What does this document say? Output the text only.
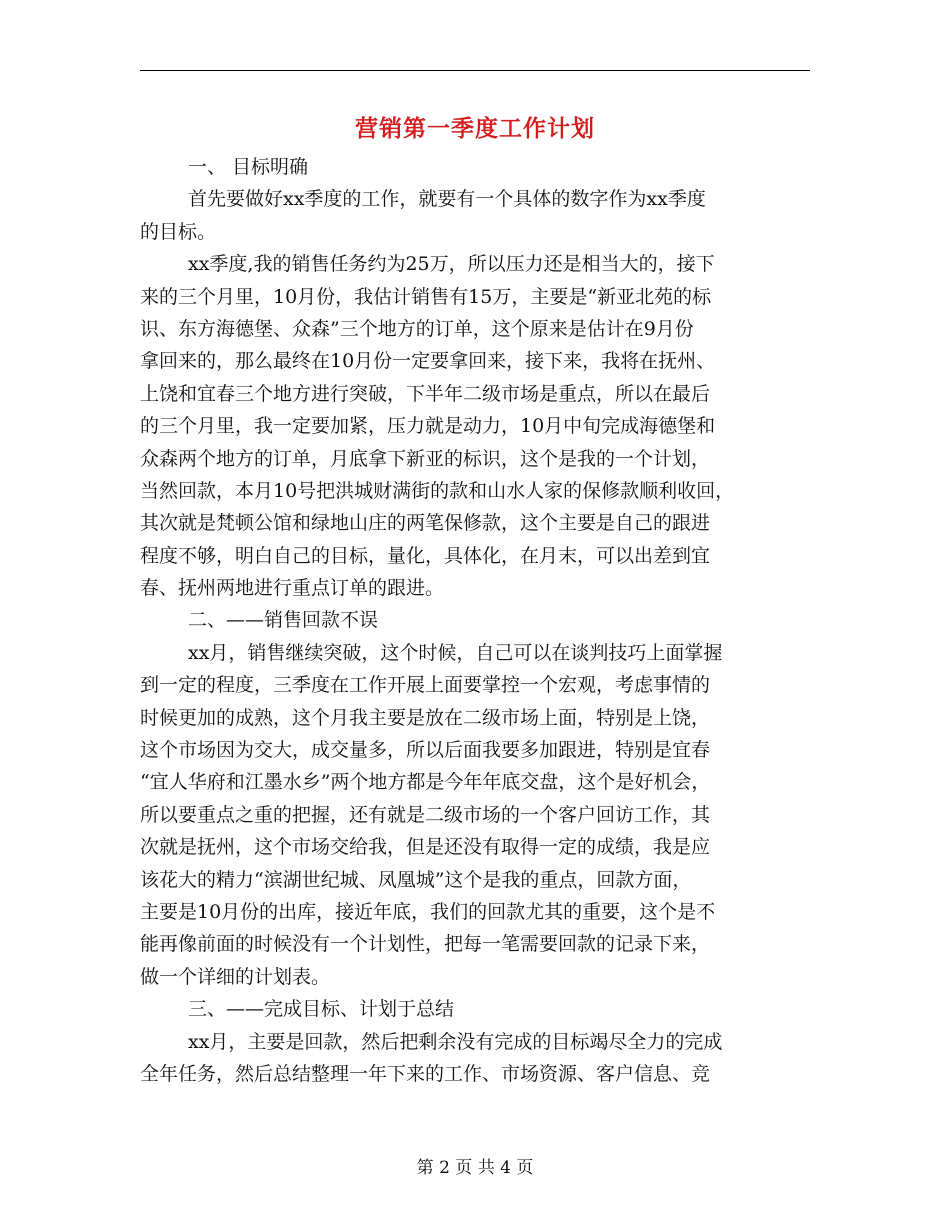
营销第一季度工作计划
一、 目标明确
首先要做好xx季度的工作，就要有一个具体的数字作为xx季度
的目标。
xx季度,我的销售任务约为25万，所以压力还是相当大的，接下
来的三个月里，10月份，我估计销售有15万，主要是“新亚北苑的标
识、东方海德堡、众森”三个地方的订单，这个原来是估计在9月份
拿回来的，那么最终在10月份一定要拿回来，接下来，我将在抚州、
上饶和宜春三个地方进行突破，下半年二级市场是重点，所以在最后
的三个月里，我一定要加紧，压力就是动力，10月中旬完成海德堡和
众森两个地方的订单，月底拿下新亚的标识，这个是我的一个计划，
当然回款，本月10号把洪城财满街的款和山水人家的保修款顺利收回，
其次就是梵顿公馆和绿地山庄的两笔保修款，这个主要是自己的跟进
程度不够，明白自己的目标，量化，具体化，在月末，可以出差到宜
春、抚州两地进行重点订单的跟进。
二、——销售回款不误
xx月，销售继续突破，这个时候，自己可以在谈判技巧上面掌握
到一定的程度，三季度在工作开展上面要掌控一个宏观，考虑事情的
时候更加的成熟，这个月我主要是放在二级市场上面，特别是上饶，
这个市场因为交大，成交量多，所以后面我要多加跟进，特别是宜春
“宜人华府和江墨水乡”两个地方都是今年年底交盘，这个是好机会，
所以要重点之重的把握，还有就是二级市场的一个客户回访工作，其
次就是抚州，这个市场交给我，但是还没有取得一定的成绩，我是应
该花大的精力“滨湖世纪城、凤凰城”这个是我的重点，回款方面，
主要是10月份的出库，接近年底，我们的回款尤其的重要，这个是不
能再像前面的时候没有一个计划性，把每一笔需要回款的记录下来，
做一个详细的计划表。
三、——完成目标、计划于总结
xx月，主要是回款，然后把剩余没有完成的目标竭尽全力的完成
全年任务，然后总结整理一年下来的工作、市场资源、客户信息、竞
第 2 页 共 4 页
